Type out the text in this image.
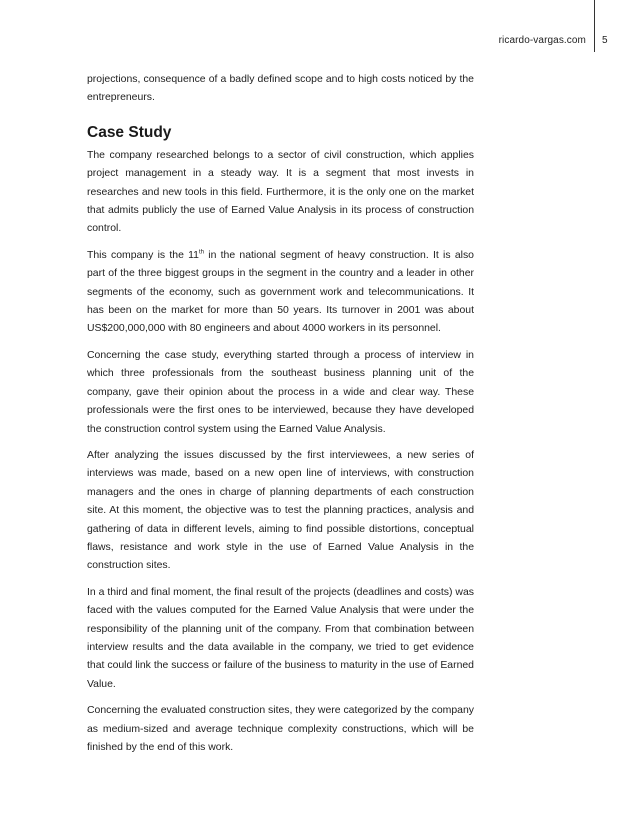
ricardo-vargas.com 5

projections, consequence of a badly defined scope and to high costs noticed by the entrepreneurs.

Case Study

The company researched belongs to a sector of civil construction, which applies project management in a steady way. It is a segment that most invests in researches and new tools in this field. Furthermore, it is the only one on the market that admits publicly the use of Earned Value Analysis in its process of construction control.

This company is the 11th in the national segment of heavy construction. It is also part of the three biggest groups in the segment in the country and a leader in other segments of the economy, such as government work and telecommunications. It has been on the market for more than 50 years. Its turnover in 2001 was about US$200,000,000 with 80 engineers and about 4000 workers in its personnel.

Concerning the case study, everything started through a process of interview in which three professionals from the southeast business planning unit of the company, gave their opinion about the process in a wide and clear way. These professionals were the first ones to be interviewed, because they have developed the construction control system using the Earned Value Analysis.

After analyzing the issues discussed by the first interviewees, a new series of interviews was made, based on a new open line of interviews, with construction managers and the ones in charge of planning departments of each construction site. At this moment, the objective was to test the planning practices, analysis and gathering of data in different levels, aiming to find possible distortions, conceptual flaws, resistance and work style in the use of Earned Value Analysis in the construction sites.

In a third and final moment, the final result of the projects (deadlines and costs) was faced with the values computed for the Earned Value Analysis that were under the responsibility of the planning unit of the company. From that combination between interview results and the data available in the company, we tried to get evidence that could link the success or failure of the business to maturity in the use of Earned Value.

Concerning the evaluated construction sites, they were categorized by the company as medium-sized and average technique complexity constructions, which will be finished by the end of this work.
